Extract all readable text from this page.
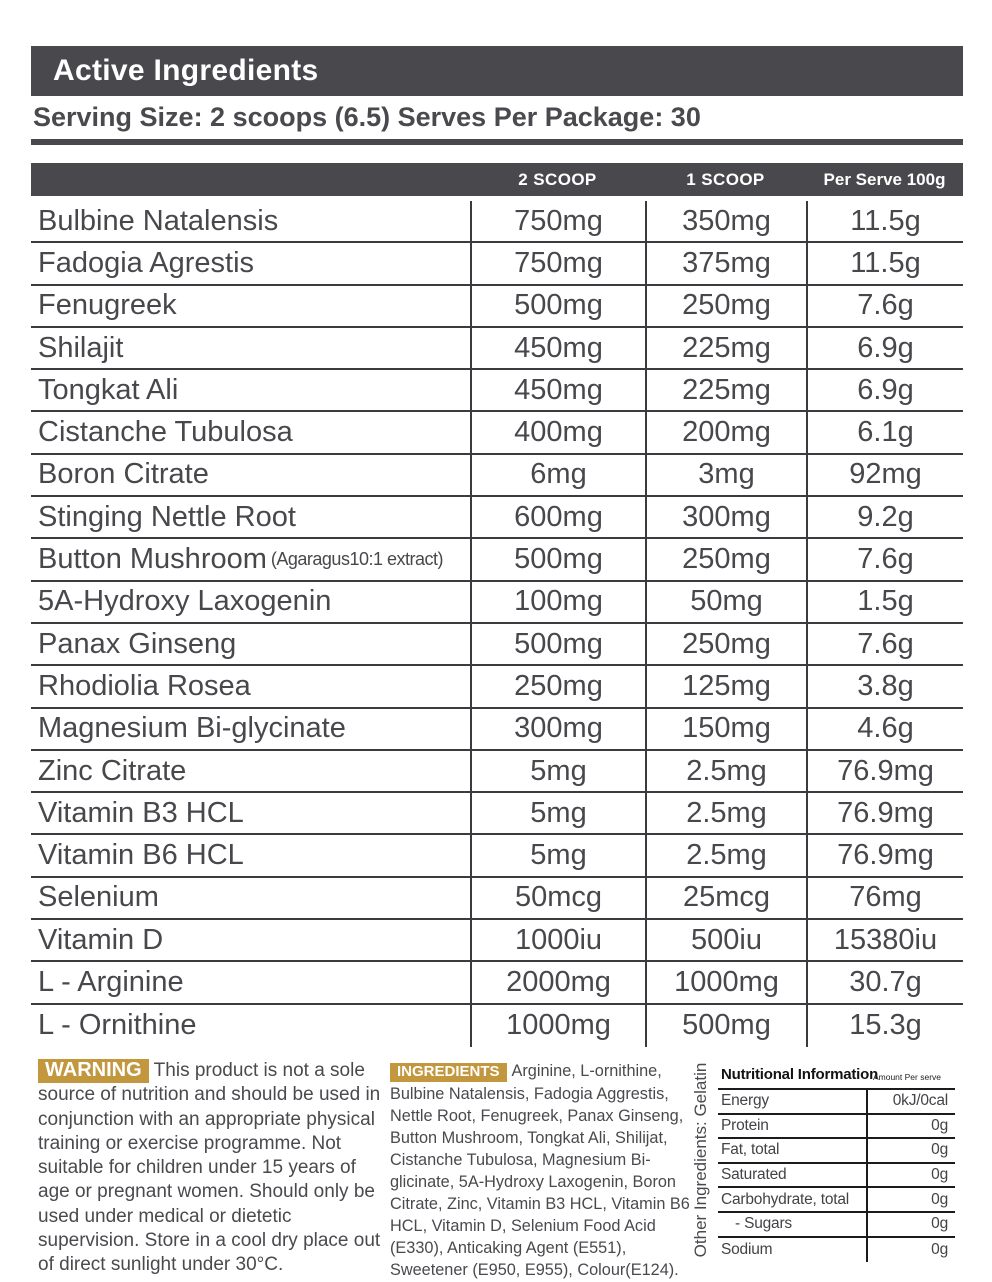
Active Ingredients
Serving Size: 2 scoops (6.5) Serves Per Package: 30
2 SCOOP	1 SCOOP	Per Serve 100g
Bulbine Natalensis	750mg	350mg	11.5g
Fadogia Agrestis	750mg	375mg	11.5g
Fenugreek	500mg	250mg	7.6g
Shilajit	450mg	225mg	6.9g
Tongkat Ali	450mg	225mg	6.9g
Cistanche Tubulosa	400mg	200mg	6.1g
Boron Citrate	6mg	3mg	92mg
Stinging Nettle Root	600mg	300mg	9.2g
Button Mushroom (Agaragus10:1 extract)	500mg	250mg	7.6g
5A-Hydroxy Laxogenin	100mg	50mg	1.5g
Panax Ginseng	500mg	250mg	7.6g
Rhodiolia Rosea	250mg	125mg	3.8g
Magnesium Bi-glycinate	300mg	150mg	4.6g
Zinc Citrate	5mg	2.5mg	76.9mg
Vitamin B3 HCL	5mg	2.5mg	76.9mg
Vitamin B6 HCL	5mg	2.5mg	76.9mg
Selenium	50mcg	25mcg	76mg
Vitamin D	1000iu	500iu	15380iu
L - Arginine	2000mg	1000mg	30.7g
L - Ornithine	1000mg	500mg	15.3g
WARNING This product is not a sole source of nutrition and should be used in conjunction with an appropriate physical training or exercise programme. Not suitable for children under 15 years of age or pregnant women. Should only be used under medical or dietetic supervision. Store in a cool dry place out of direct sunlight under 30°C.
INGREDIENTS Arginine, L-ornithine, Bulbine Natalensis, Fadogia Aggrestis, Nettle Root, Fenugreek, Panax Ginseng, Button Mushroom, Tongkat Ali, Shilijat, Cistanche Tubulosa, Magnesium Bi-glicinate, 5A-Hydroxy Laxogenin, Boron Citrate, Zinc, Vitamin B3 HCL, Vitamin B6 HCL, Vitamin D, Selenium Food Acid (E330), Anticaking Agent (E551), Sweetener (E950, E955), Colour(E124).
Other Ingredients: Gelatin Nutritional Information
Amount Per serve
Energy	0kJ/0cal
Protein	0g
Fat, total	0g
Saturated	0g
Carbohydrate, total	0g
- Sugars	0g
Sodium	0g
